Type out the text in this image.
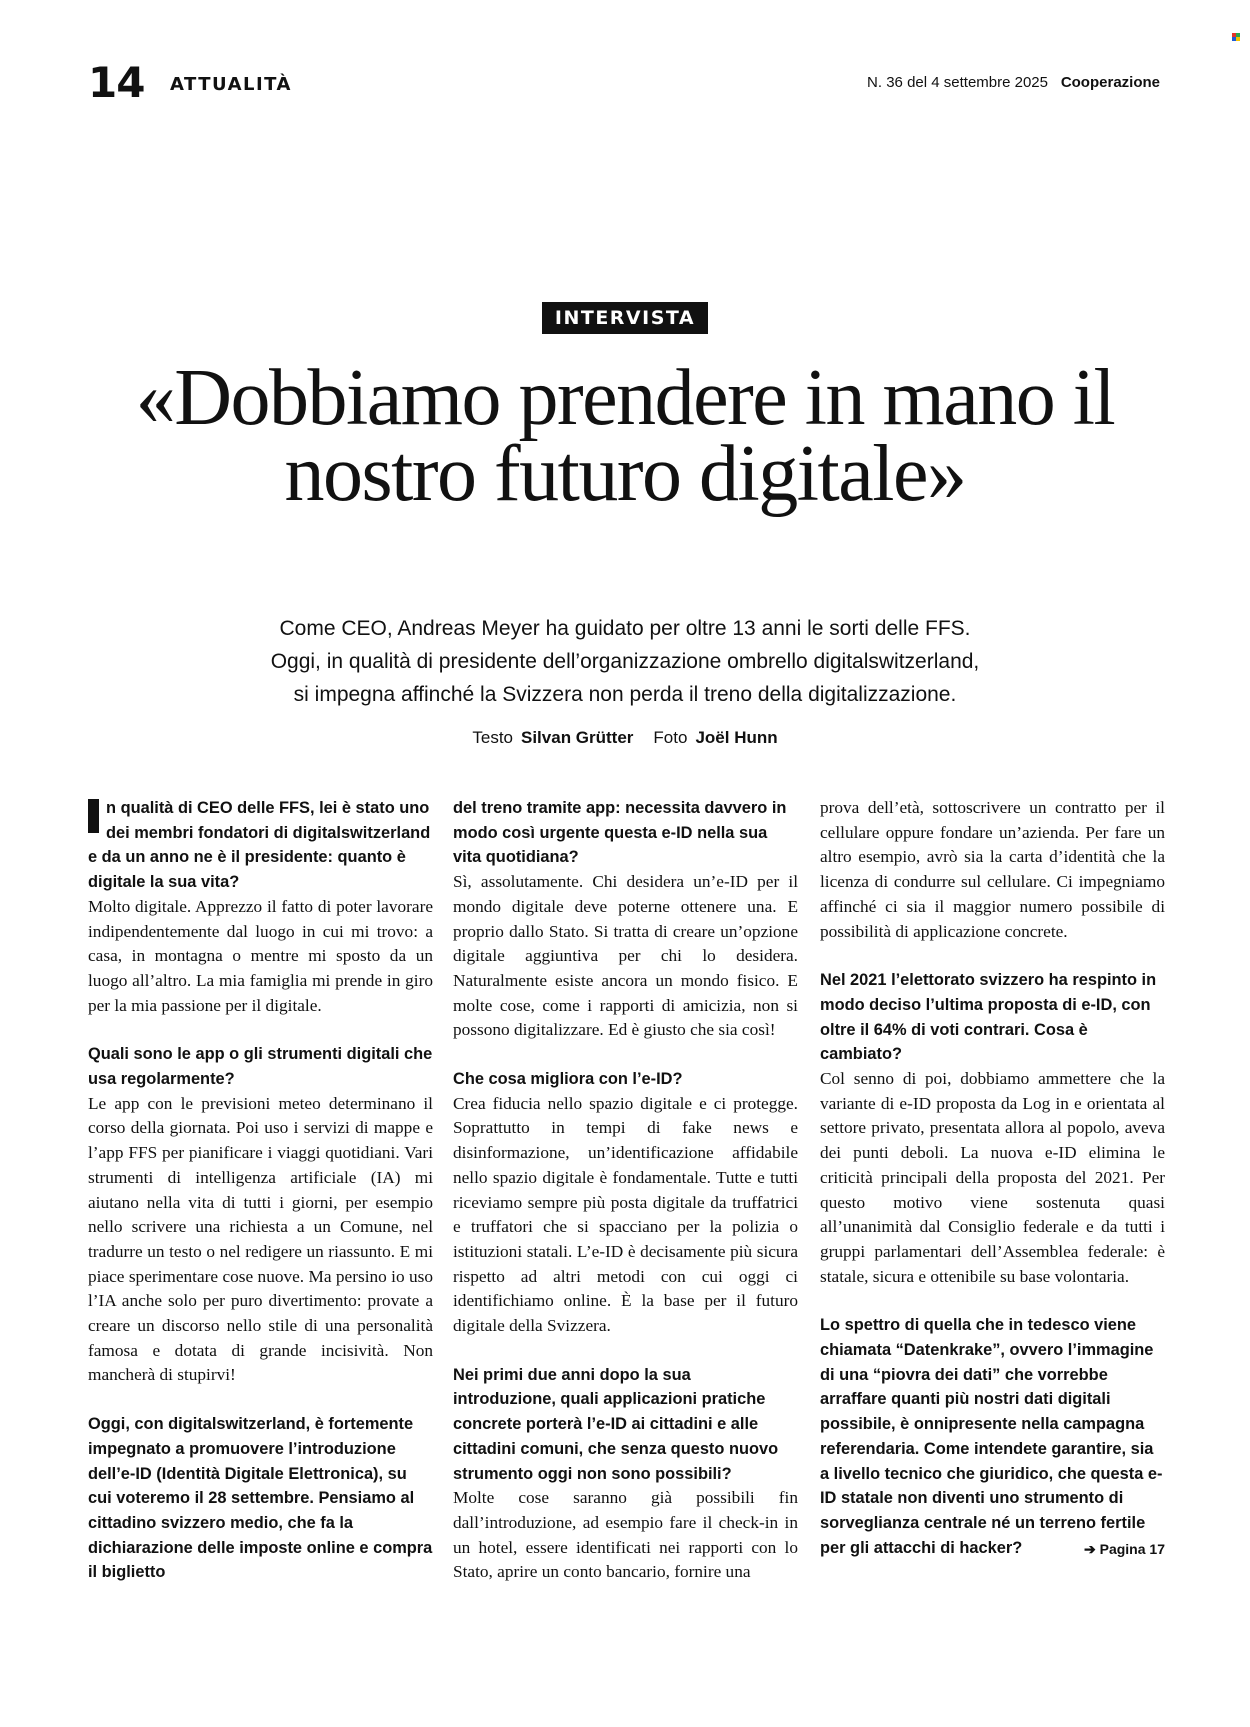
14 ATTUALITÀ	N. 36 del 4 settembre 2025 Cooperazione
INTERVISTA
«Dobbiamo prendere in mano il nostro futuro digitale»
Come CEO, Andreas Meyer ha guidato per oltre 13 anni le sorti delle FFS.
Oggi, in qualità di presidente dell’organizzazione ombrello digitalswitzerland,
si impegna affinché la Svizzera non perda il treno della digitalizzazione.
Testo Silvan Grütter Foto Joël Hunn

n qualità di CEO delle FFS, lei è stato uno dei membri fondatori di digitalswitzerland e da un anno ne è il presidente: quanto è digitale la sua vita?

Molto digitale. Apprezzo il fatto di poter lavorare indipendentemente dal luogo in cui mi trovo: a casa, in montagna o mentre mi sposto da un luogo all’altro. La mia famiglia mi prende in giro per la mia passione per il digitale.

Quali sono le app o gli strumenti digitali che usa regolarmente?

Le app con le previsioni meteo determinano il corso della giornata. Poi uso i servizi di mappe e l’app FFS per pianificare i viaggi quotidiani. Vari strumenti di intelligenza artificiale (IA) mi aiutano nella vita di tutti i giorni, per esempio nello scrivere una richiesta a un Comune, nel tradurre un testo o nel redigere un riassunto. E mi piace sperimentare cose nuove. Ma persino io uso l’IA anche solo per puro divertimento: provate a creare un discorso nello stile di una personalità famosa e dotata di grande incisività. Non mancherà di stupirvi!

Oggi, con digitalswitzerland, è fortemente impegnato a promuovere l’introduzione dell’e-ID (Identità Digitale Elettronica), su cui voteremo il 28 settembre. Pensiamo al cittadino svizzero medio, che fa la dichiarazione delle imposte online e compra il biglietto

del treno tramite app: necessita davvero in modo così urgente questa e-ID nella sua vita quotidiana?

Sì, assolutamente. Chi desidera un’e-ID per il mondo digitale deve poterne ottenere una. E proprio dallo Stato. Si tratta di creare un’opzione digitale aggiuntiva per chi lo desidera. Naturalmente esiste ancora un mondo fisico. E molte cose, come i rapporti di amicizia, non si possono digitalizzare. Ed è giusto che sia così!

Che cosa migliora con l’e-ID?

Crea fiducia nello spazio digitale e ci protegge. Soprattutto in tempi di fake news e disinformazione, un’identificazione affidabile nello spazio digitale è fondamentale. Tutte e tutti riceviamo sempre più posta digitale da truffatrici e truffatori che si spacciano per la polizia o istituzioni statali. L’e-ID è decisamente più sicura rispetto ad altri metodi con cui oggi ci identifichiamo online. È la base per il futuro digitale della Svizzera.

Nei primi due anni dopo la sua introduzione, quali applicazioni pratiche concrete porterà l’e-ID ai cittadini e alle cittadini comuni, che senza questo nuovo strumento oggi non sono possibili?

Molte cose saranno già possibili fin dall’introduzione, ad esempio fare il check-in in un hotel, essere identificati nei rapporti con lo Stato, aprire un conto bancario, fornire una

prova dell’età, sottoscrivere un contratto per il cellulare oppure fondare un’azienda. Per fare un altro esempio, avrò sia la carta d’identità che la licenza di condurre sul cellulare. Ci impegniamo affinché ci sia il maggior numero possibile di possibilità di applicazione concrete.

Nel 2021 l’elettorato svizzero ha respinto in modo deciso l’ultima proposta di e-ID, con oltre il 64% di voti contrari. Cosa è cambiato?

Col senno di poi, dobbiamo ammettere che la variante di e-ID proposta da Log in e orientata al settore privato, presentata allora al popolo, aveva dei punti deboli. La nuova e-ID elimina le criticità principali della proposta del 2021. Per questo motivo viene sostenuta quasi all’unanimità dal Consiglio federale e da tutti i gruppi parlamentari dell’Assemblea federale: è statale, sicura e ottenibile su base volontaria.

Lo spettro di quella che in tedesco viene chiamata “Datenkrake”, ovvero l’immagine di una “piovra dei dati” che vorrebbe arraffare quanti più nostri dati digitali possibile, è onnipresente nella campagna referendaria. Come intendete garantire, sia a livello tecnico che giuridico, che questa e-ID statale non diventi uno strumento di sorveglianza centrale né un terreno fertile per gli attacchi di hacker?	➔ Pagina 17
